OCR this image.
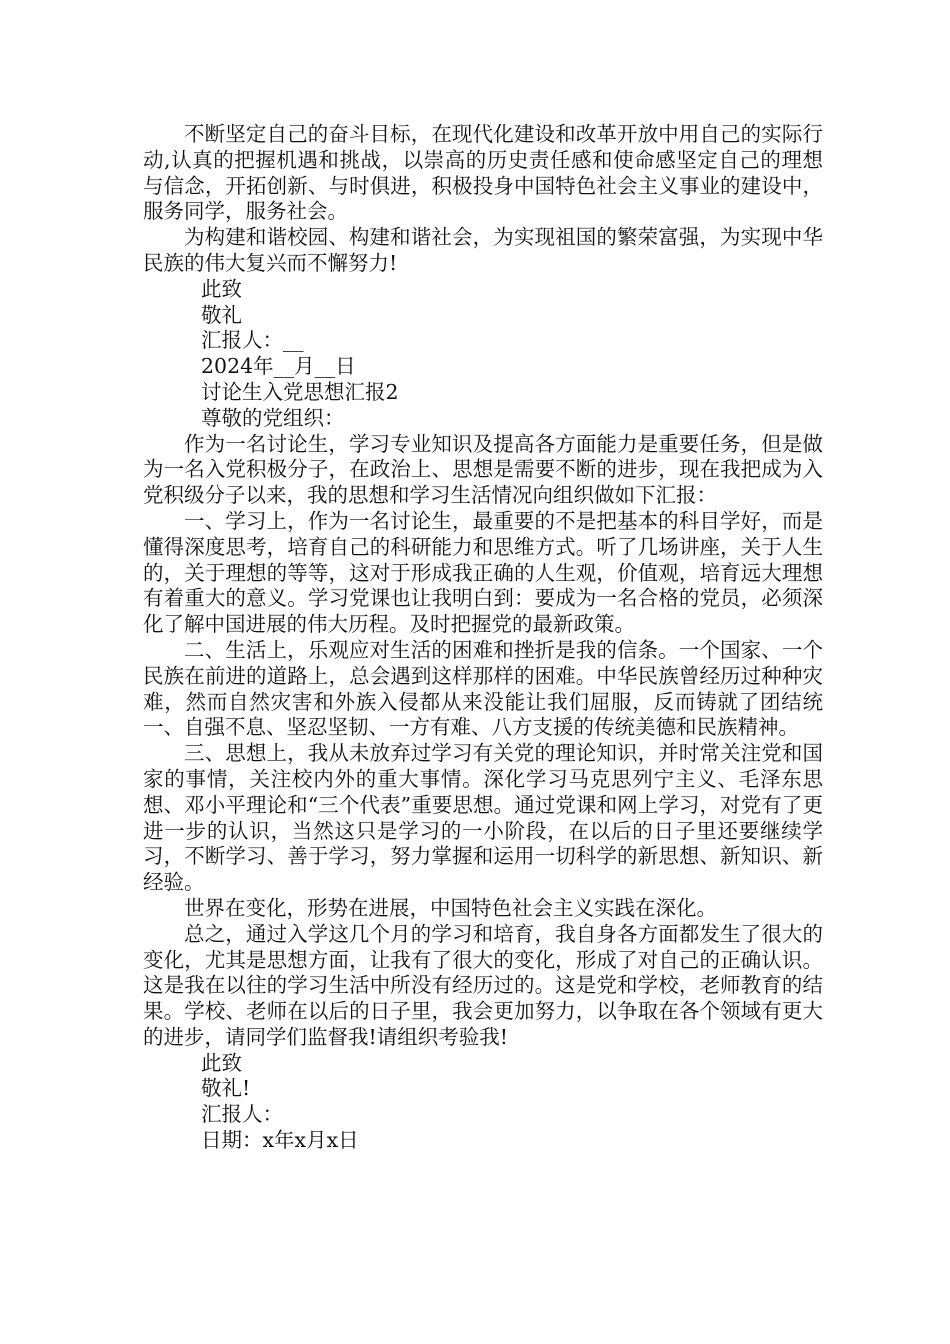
不断坚定自己的奋斗目标，在现代化建设和改革开放中用自己的实际行动,认真的把握机遇和挑战，以崇高的历史责任感和使命感坚定自己的理想与信念，开拓创新、与时俱进，积极投身中国特色社会主义事业的建设中，服务同学，服务社会。

为构建和谐校园、构建和谐社会，为实现祖国的繁荣富强，为实现中华民族的伟大复兴而不懈努力!

此致

敬礼

汇报人：__

2024年__月__日

讨论生入党思想汇报2

尊敬的党组织：

作为一名讨论生，学习专业知识及提高各方面能力是重要任务，但是做为一名入党积极分子，在政治上、思想是需要不断的进步，现在我把成为入党积级分子以来，我的思想和学习生活情况向组织做如下汇报：

一、学习上，作为一名讨论生，最重要的不是把基本的科目学好，而是懂得深度思考，培育自己的科研能力和思维方式。听了几场讲座，关于人生的，关于理想的等等，这对于形成我正确的人生观，价值观，培育远大理想有着重大的意义。学习党课也让我明白到：要成为一名合格的党员，必须深化了解中国进展的伟大历程。及时把握党的最新政策。

二、生活上，乐观应对生活的困难和挫折是我的信条。一个国家、一个民族在前进的道路上，总会遇到这样那样的困难。中华民族曾经历过种种灾难，然而自然灾害和外族入侵都从来没能让我们屈服，反而铸就了团结统一、自强不息、坚忍坚韧、一方有难、八方支援的传统美德和民族精神。

三、思想上，我从未放弃过学习有关党的理论知识，并时常关注党和国家的事情，关注校内外的重大事情。深化学习马克思列宁主义、毛泽东思想、邓小平理论和“三个代表”重要思想。通过党课和网上学习，对党有了更进一步的认识，当然这只是学习的一小阶段，在以后的日子里还要继续学习，不断学习、善于学习，努力掌握和运用一切科学的新思想、新知识、新经验。

世界在变化，形势在进展，中国特色社会主义实践在深化。

总之，通过入学这几个月的学习和培育，我自身各方面都发生了很大的变化，尤其是思想方面，让我有了很大的变化，形成了对自己的正确认识。这是我在以往的学习生活中所没有经历过的。这是党和学校，老师教育的结果。学校、老师在以后的日子里，我会更加努力，以争取在各个领域有更大的进步，请同学们监督我!请组织考验我!

此致

敬礼!

汇报人：

日期：x年x月x日
